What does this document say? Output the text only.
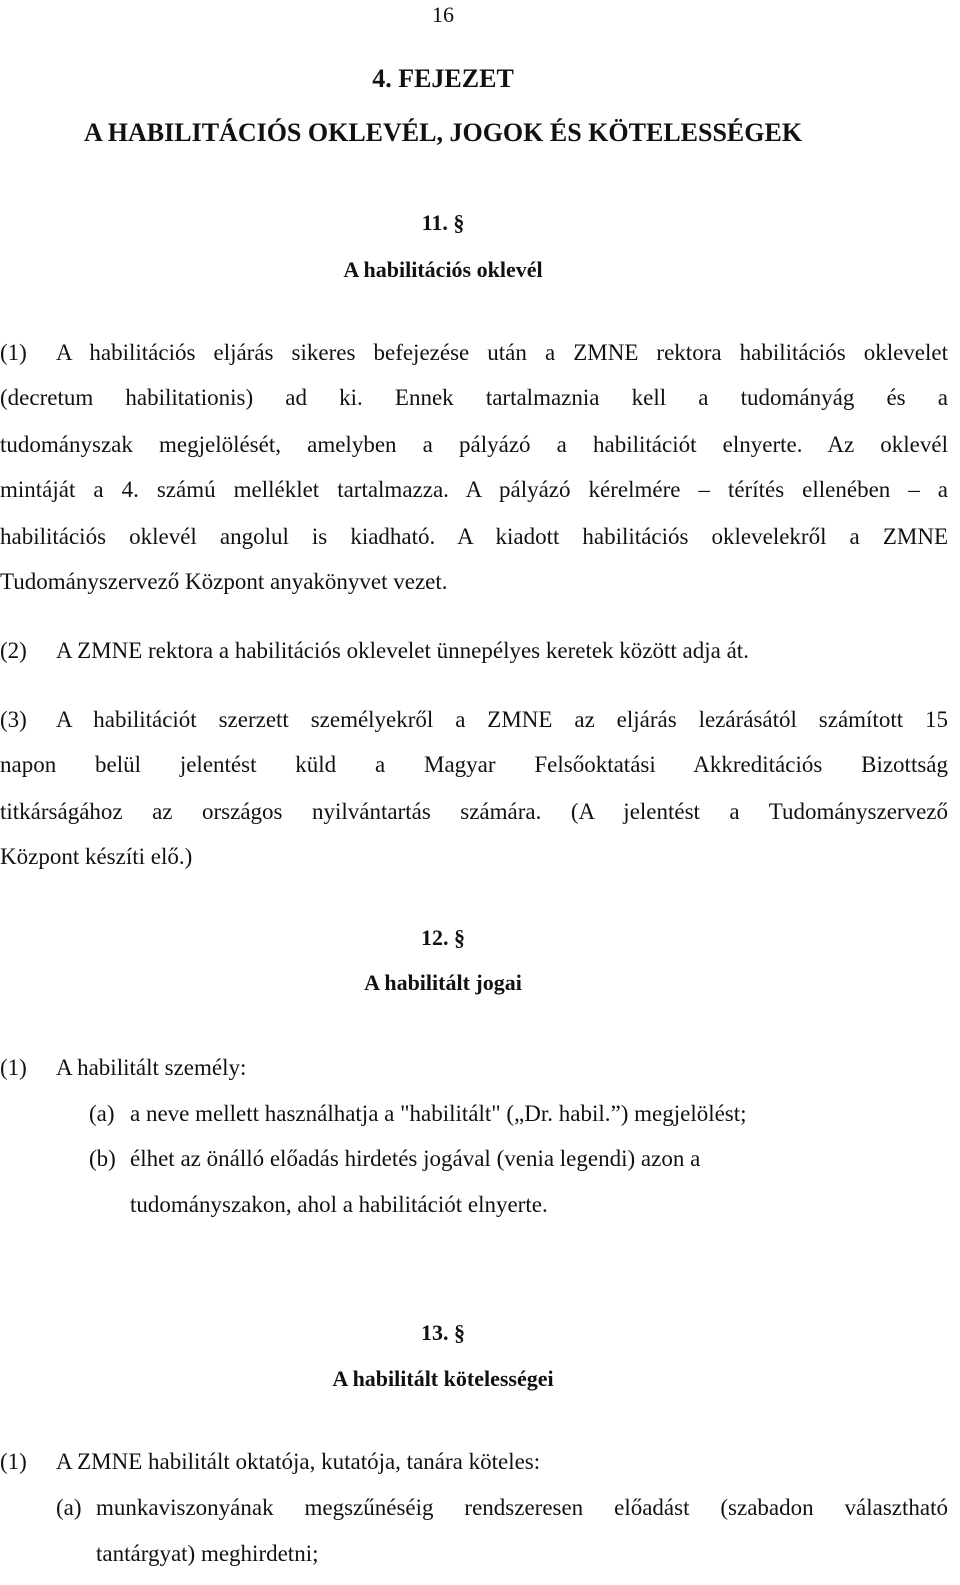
16
4. FEJEZET
A HABILITÁCIÓS OKLEVÉL, JOGOK ÉS KÖTELESSÉGEK
11. §
A habilitációs oklevél
(1) A habilitációs eljárás sikeres befejezése után a ZMNE rektora habilitációs oklevelet
(decretum habilitationis) ad ki. Ennek tartalmaznia kell a tudományág és a
tudományszak megjelölését, amelyben a pályázó a habilitációt elnyerte. Az oklevél
mintáját a 4. számú melléklet tartalmazza. A pályázó kérelmére – térítés ellenében – a
habilitációs oklevél angolul is kiadható. A kiadott habilitációs oklevelekről a ZMNE
Tudományszervező Központ anyakönyvet vezet.
(2) A ZMNE rektora a habilitációs oklevelet ünnepélyes keretek között adja át.
(3) A habilitációt szerzett személyekről a ZMNE az eljárás lezárásától számított 15
napon belül jelentést küld a Magyar Felsőoktatási Akkreditációs Bizottság
titkárságához az országos nyilvántartás számára. (A jelentést a Tudományszervező
Központ készíti elő.)
12. §
A habilitált jogai
(1) A habilitált személy:
(a) a neve mellett használhatja a "habilitált" („Dr. habil.”) megjelölést;
(b) élhet az önálló előadás hirdetés jogával (venia legendi) azon a
tudományszakon, ahol a habilitációt elnyerte.
13. §
A habilitált kötelességei
(1) A ZMNE habilitált oktatója, kutatója, tanára köteles:
(a) munkaviszonyának megszűnéséig rendszeresen előadást (szabadon választható
tantárgyat) meghirdetni;
